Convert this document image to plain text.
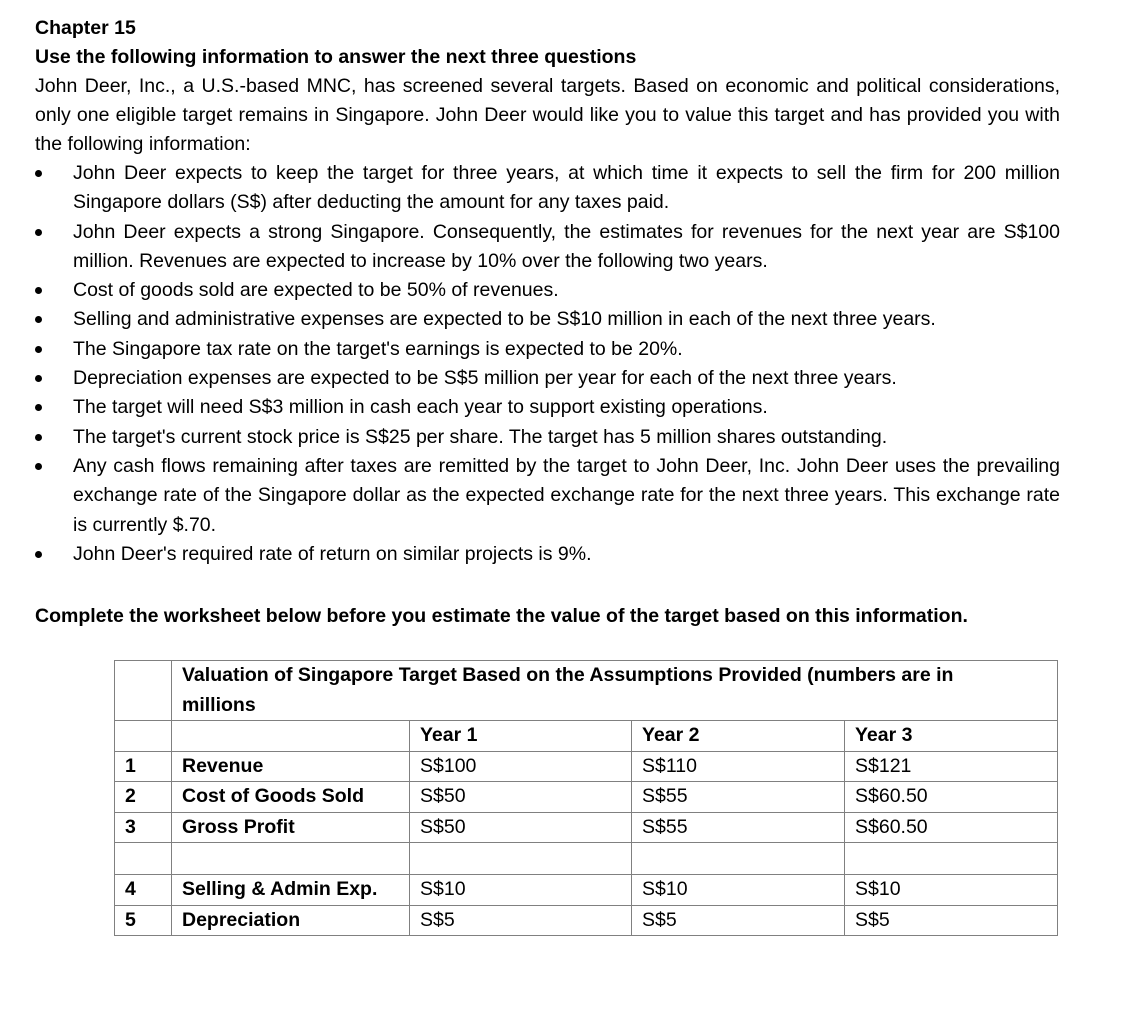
Chapter 15
Use the following information to answer the next three questions
John Deer, Inc., a U.S.-based MNC, has screened several targets. Based on economic and political considerations, only one eligible target remains in Singapore. John Deer would like you to value this target and has provided you with the following information:
John Deer expects to keep the target for three years, at which time it expects to sell the firm for 200 million Singapore dollars (S$) after deducting the amount for any taxes paid.
John Deer expects a strong Singapore. Consequently, the estimates for revenues for the next year are S$100 million. Revenues are expected to increase by 10% over the following two years.
Cost of goods sold are expected to be 50% of revenues.
Selling and administrative expenses are expected to be S$10 million in each of the next three years.
The Singapore tax rate on the target's earnings is expected to be 20%.
Depreciation expenses are expected to be S$5 million per year for each of the next three years.
The target will need S$3 million in cash each year to support existing operations.
The target's current stock price is S$25 per share. The target has 5 million shares outstanding.
Any cash flows remaining after taxes are remitted by the target to John Deer, Inc. John Deer uses the prevailing exchange rate of the Singapore dollar as the expected exchange rate for the next three years. This exchange rate is currently $.70.
John Deer's required rate of return on similar projects is 9%.
Complete the worksheet below before you estimate the value of the target based on this information.

	Valuation of Singapore Target Based on the Assumptions Provided (numbers are in millions			

		Year 1	Year 2	Year 3
1	Revenue	S$100	S$110	S$121
2	Cost of Goods Sold	S$50	S$55	S$60.50
3	Gross Profit	S$50	S$55	S$60.50

4	Selling & Admin Exp.	S$10	S$10	S$10
5	Depreciation	S$5	S$5	S$5
